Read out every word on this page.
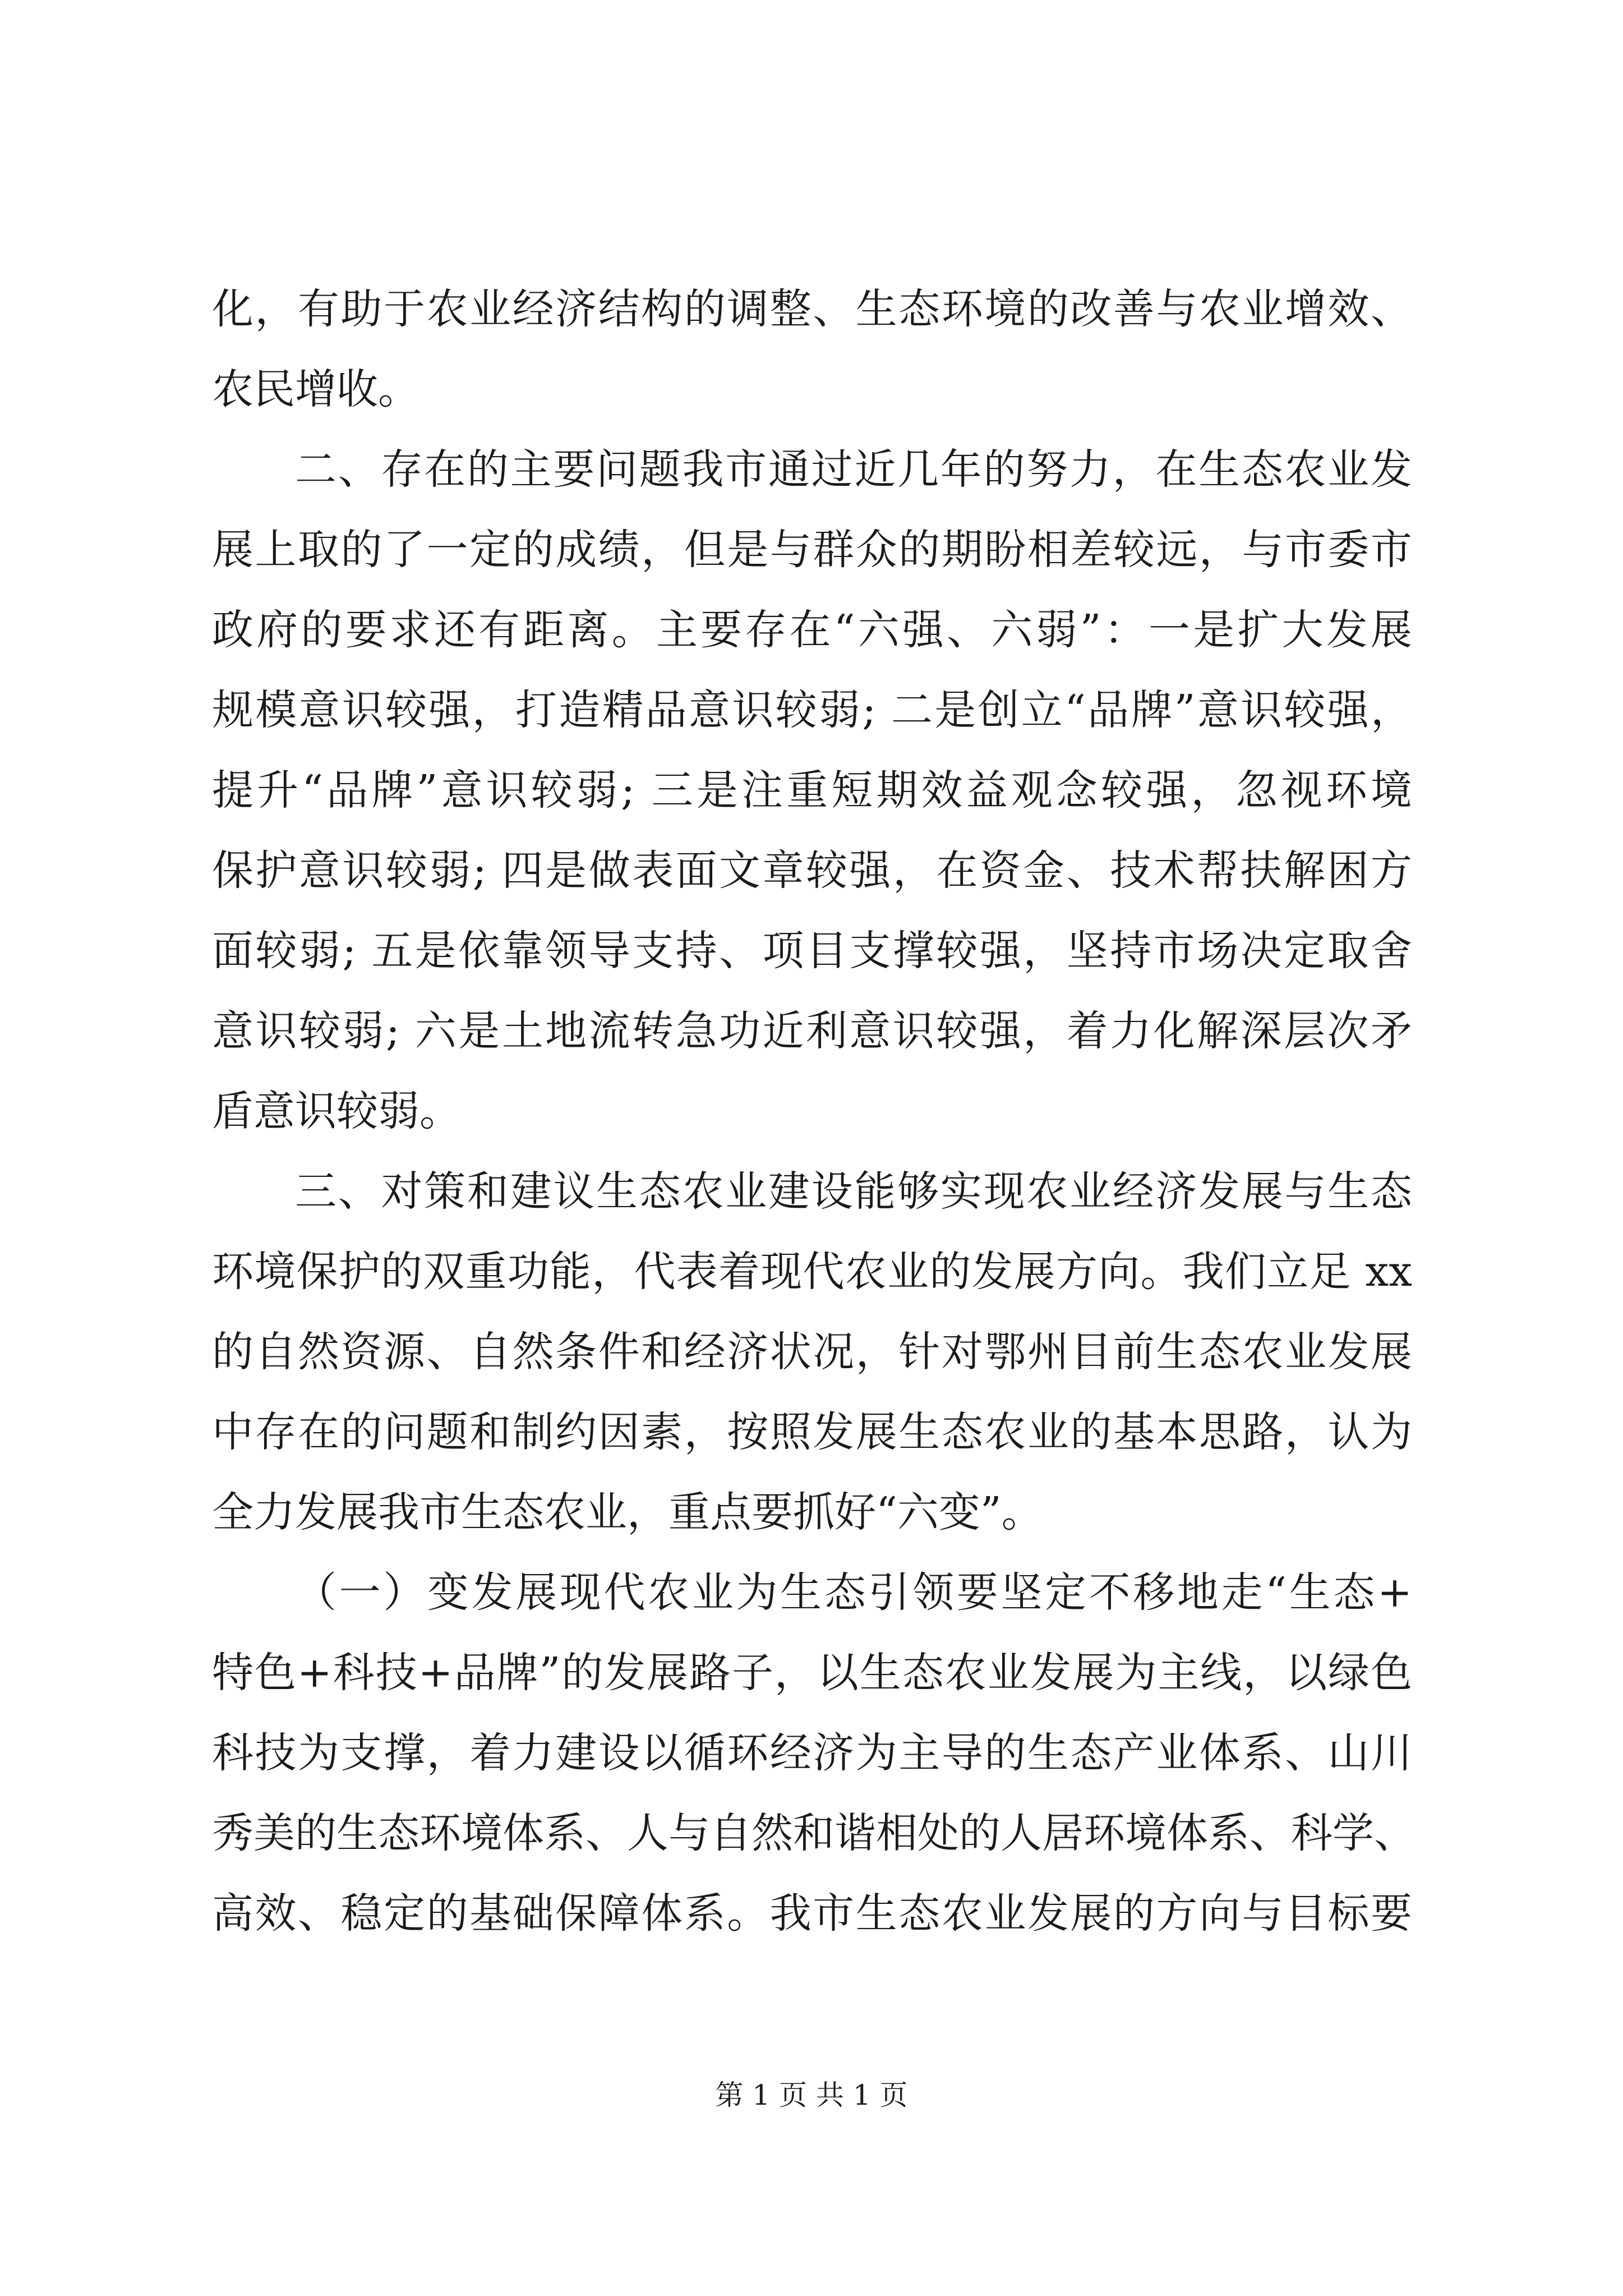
化，有助于农业经济结构的调整、生态环境的改善与农业增效、
农民增收。
二、存在的主要问题我市通过近几年的努力，在生态农业发
展上取的了一定的成绩，但是与群众的期盼相差较远，与市委市
政府的要求还有距离。主要存在“六强、六弱”：一是扩大发展
规模意识较强，打造精品意识较弱; 二是创立“品牌”意识较强，
提升“品牌”意识较弱; 三是注重短期效益观念较强，忽视环境
保护意识较弱; 四是做表面文章较强，在资金、技术帮扶解困方
面较弱; 五是依靠领导支持、项目支撑较强，坚持市场决定取舍
意识较弱; 六是土地流转急功近利意识较强，着力化解深层次矛
盾意识较弱。
三、对策和建议生态农业建设能够实现农业经济发展与生态
环境保护的双重功能，代表着现代农业的发展方向。我们立足 xx
的自然资源、自然条件和经济状况，针对鄂州目前生态农业发展
中存在的问题和制约因素，按照发展生态农业的基本思路，认为
全力发展我市生态农业，重点要抓好“六变”。
（一）变发展现代农业为生态引领要坚定不移地走“生态+
特色+科技+品牌”的发展路子，以生态农业发展为主线，以绿色
科技为支撑，着力建设以循环经济为主导的生态产业体系、山川
秀美的生态环境体系、人与自然和谐相处的人居环境体系、科学、
高效、稳定的基础保障体系。我市生态农业发展的方向与目标要
第 1 页 共 1 页
